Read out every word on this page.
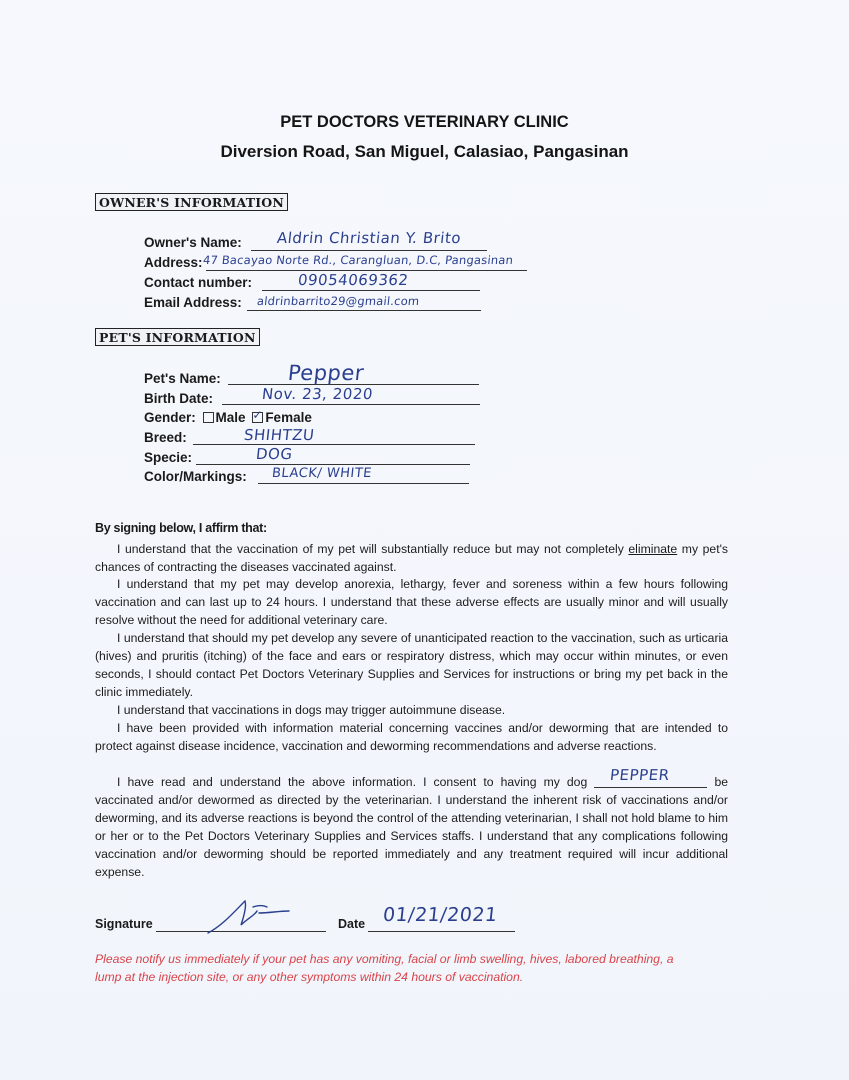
PET DOCTORS VETERINARY CLINIC
Diversion Road, San Miguel, Calasiao, Pangasinan
OWNER'S INFORMATION
Owner's Name: Aldrin Christian Y. Brito
Address: 47 Bacayao Norte Rd., Carangluan, D.C, Pangasinan
Contact number:	09054069362
Email Address: aldrinbarrito29@gmail.com
PET'S INFORMATION
Pet's Name:	Pepper
Birth Date:	Nov. 23, 2020
Gender: Male ✓ Female
Breed:	SHIHTZU
Specie:	DOG
Color/Markings: BLACK/ WHITE
By signing below, I affirm that:
I understand that the vaccination of my pet will substantially reduce but may not completely eliminate my pet's chances of contracting the diseases vaccinated against.
I understand that my pet may develop anorexia, lethargy, fever and soreness within a few hours following vaccination and can last up to 24 hours. I understand that these adverse effects are usually minor and will usually resolve without the need for additional veterinary care.
I understand that should my pet develop any severe of unanticipated reaction to the vaccination, such as urticaria (hives) and pruritis (itching) of the face and ears or respiratory distress, which may occur within minutes, or even seconds, I should contact Pet Doctors Veterinary Supplies and Services for instructions or bring my pet back in the clinic immediately.
I understand that vaccinations in dogs may trigger autoimmune disease.
I have been provided with information material concerning vaccines and/or deworming that are intended to protect against disease incidence, vaccination and deworming recommendations and adverse reactions.
I have read and understand the above information. I consent to having my dog PEPPER	be vaccinated and/or dewormed as directed by the veterinarian. I understand the inherent risk of vaccinations and/or deworming, and its adverse reactions is beyond the control of the attending veterinarian, I shall not hold blame to him or her or to the Pet Doctors Veterinary Supplies and Services staffs. I understand that any complications following vaccination and/or deworming should be reported immediately and any treatment required will incur additional expense.
Signature	Date 01/21/2021
Please notify us immediately if your pet has any vomiting, facial or limb swelling, hives, labored breathing, a lump at the injection site, or any other symptoms within 24 hours of vaccination.
